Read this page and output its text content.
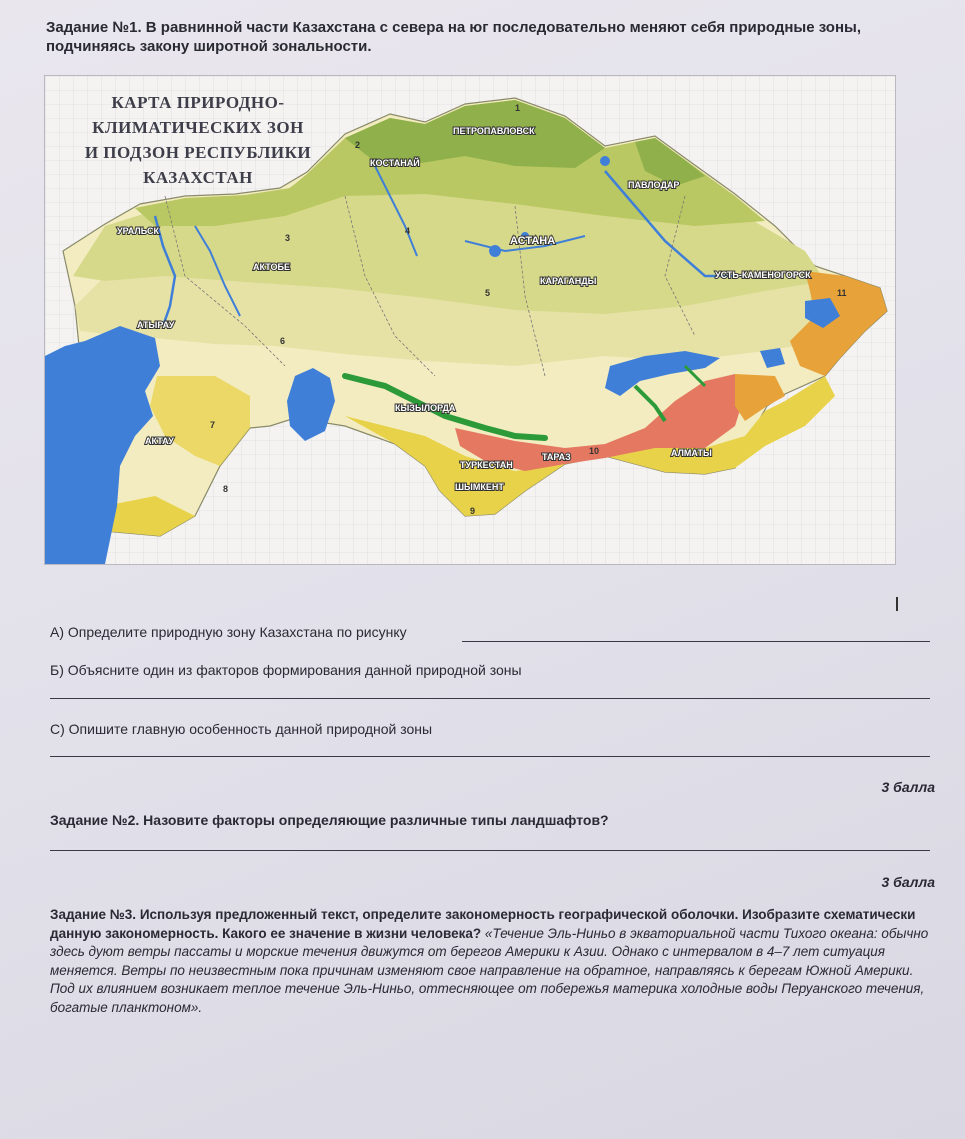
Задание №1. В равнинной части Казахстана с севера на юг последовательно меняют себя природные зоны,
подчиняясь закону широтной зональности.
ПЕТРОПАВЛОВСК
КОСТАНАЙ
ПАВЛОДАР
УРАЛЬСК
АКТОБЕ
АСТАНА
КАРАГАНДЫ
УСТЬ-КАМЕНОГОРСК
АТЫРАУ
КЫЗЫЛОРДА
АКТАУ
ТУРКЕСТАН
ТАРАЗ
ШЫМКЕНТ
АЛМАТЫ
1
2
3
4
5
6
7
8
9
10
11
КАРТА ПРИРОДНО-
КЛИМАТИЧЕСКИХ ЗОН
И ПОДЗОН РЕСПУБЛИКИ
КАЗАХСТАН
А) Определите природную зону Казахстана по рисунку
Б) Объясните один из факторов формирования данной природной зоны
С) Опишите главную особенность данной природной зоны
3 балла
Задание №2. Назовите факторы определяющие различные типы ландшафтов?
3 балла
Задание №3. Используя предложенный текст, определите закономерность географической оболочки. Изобразите схематически данную закономерность. Какого ее значение в жизни человека? «Течение Эль-Ниньо в экваториальной части Тихого океана: обычно здесь дуют ветры пассаты и морские течения движутся от берегов Америки к Азии. Однако с интервалом в 4–7 лет ситуация меняется. Ветры по неизвестным пока причинам изменяют свое направление на обратное, направляясь к берегам Южной Америки. Под их влиянием возникает теплое течение Эль-Ниньо, оттесняющее от побережья материка холодные воды Перуанского течения, богатые планктоном».
